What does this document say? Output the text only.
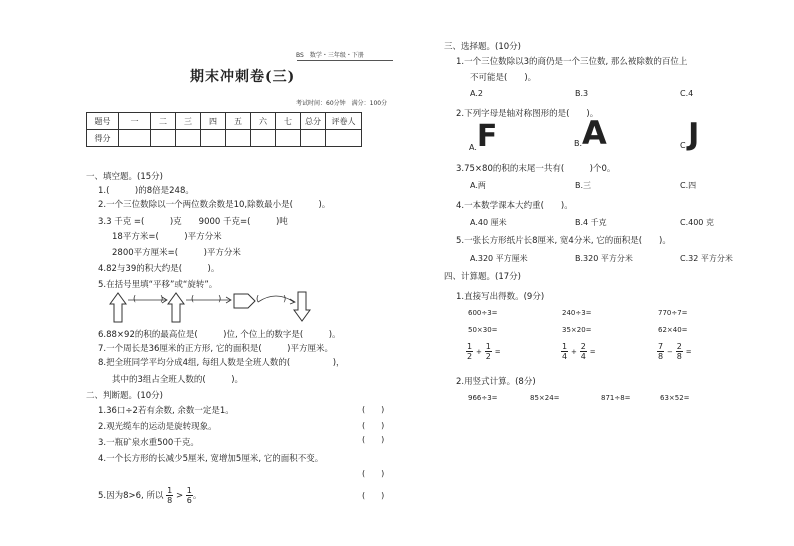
BS　数学・三年级・下册
期末冲刺卷(三)
考试时间：60分钟　满分：100分
题号	一	二	三	四	五	六	七	总分	评卷人
得分									
一、填空题。(15分)
1.(　　　)的8倍是248。
2.一个三位数除以一个两位数余数是10,除数最小是(　　　)。
3.3 千克 =(　　　)克　　9000 千克=(　　　)吨
18平方米=(　　　)平方分米
2800平方厘米=(　　　)平方分米
4.82与39的积大约是(　　　)。
5.在括号里填“平移”或“旋转”。
(　　　)	(　　　)	(　　　)
6.88×92的积的最高位是(　　　)位, 个位上的数字是(　　　)。
7.一个周长是36厘米的正方形, 它的面积是(　　　)平方厘米。
8.把全班同学平均分成4组, 每组人数是全班人数的(　　　　　)，
其中的3组占全班人数的(　　　)。
二、判断题。(10分)
1.36口÷2若有余数, 余数一定是1。	(　　)
2.观光缆车的运动是旋转现象。	(　　)
3.一瓶矿泉水重500千克。	(　　)
4.一个长方形的长减少5厘米, 宽增加5厘米, 它的面积不变。
(　　)
5.因为8>6, 所以 $\frac{1}{8} > \frac{1}{6}$ 。	(　　)
三、选择题。(10分)
1.一个三位数除以3的商仍是一个三位数, 那么被除数的百位上
不可能是(　　)。
A.2	B.3	C.4
2.下列字母是轴对称图形的是(　　)。
A.F	B.A	C.J
3.75×80的积的末尾一共有(　　　)个0。
A.两	B.三	C.四
4.一本数学课本大约重(　　)。
A.40 厘米	B.4 千克	C.400 克
5.一张长方形纸片长8厘米, 宽4分米, 它的面积是(　　)。
A.320 平方厘米	B.320 平方分米	C.32 平方分米
四、计算题。(17分)
1.直接写出得数。(9分)
600÷3=	240÷3=	770÷7=
50×30=	35×20=	62×40=
$\frac{1}{2} + \frac{1}{2}$ =	$\frac{1}{4} + \frac{2}{4}$ =	$\frac{7}{8} - \frac{2}{8}$ =
2.用竖式计算。(8分)
966÷3=	85×24=	871÷8=	63×52=
